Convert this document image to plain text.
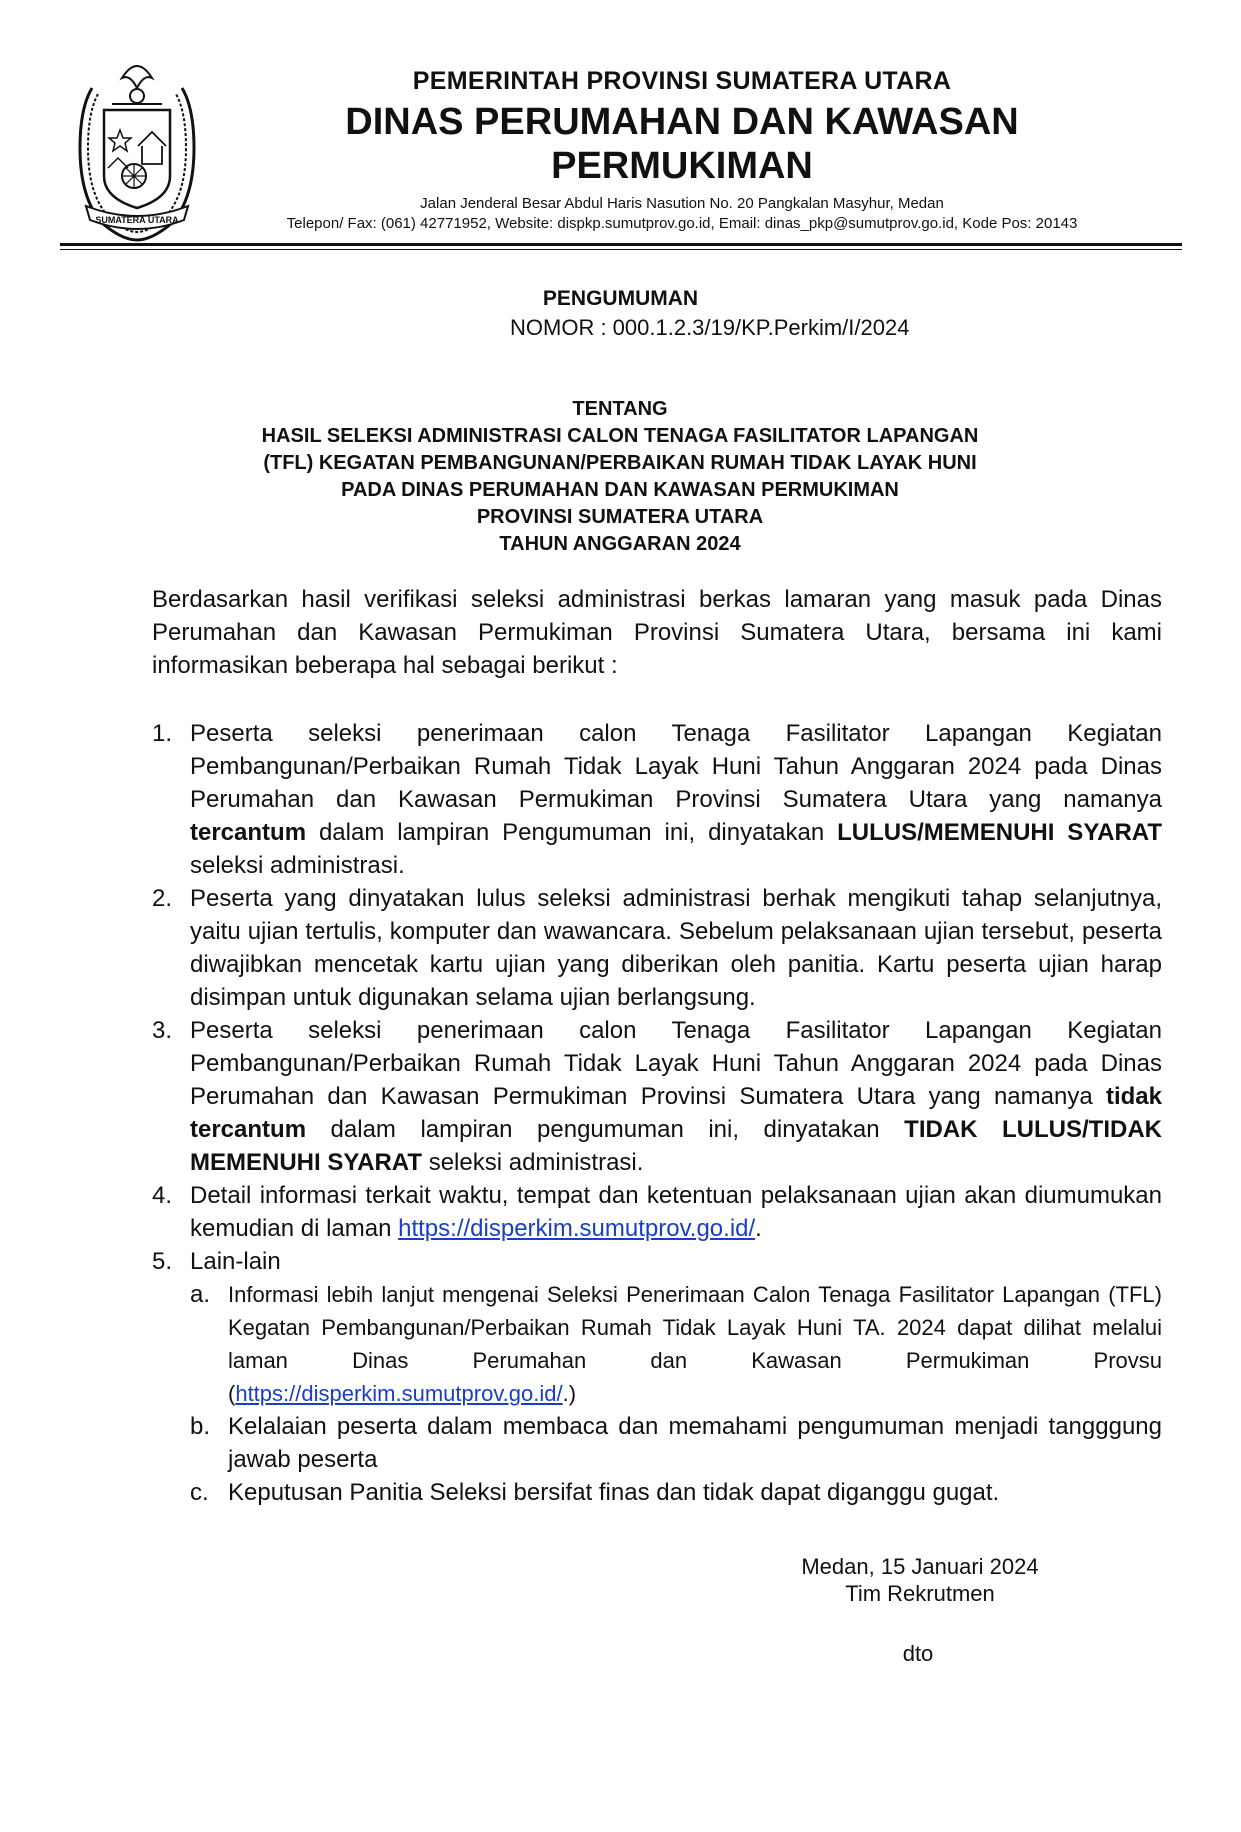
SUMATERA UTARA
PEMERINTAH PROVINSI SUMATERA UTARA
DINAS PERUMAHAN DAN KAWASAN
PERMUKIMAN
Jalan Jenderal Besar Abdul Haris Nasution No. 20 Pangkalan Masyhur, Medan
Telepon/ Fax: (061) 42771952, Website: dispkp.sumutprov.go.id, Email: dinas_pkp@sumutprov.go.id, Kode Pos: 20143
PENGUMUMAN
NOMOR : 000.1.2.3/19/KP.Perkim/I/2024
TENTANG
HASIL SELEKSI ADMINISTRASI CALON TENAGA FASILITATOR LAPANGAN
(TFL) KEGATAN PEMBANGUNAN/PERBAIKAN RUMAH TIDAK LAYAK HUNI
PADA DINAS PERUMAHAN DAN KAWASAN PERMUKIMAN
PROVINSI SUMATERA UTARA
TAHUN ANGGARAN 2024
Berdasarkan hasil verifikasi seleksi administrasi berkas lamaran yang masuk pada Dinas Perumahan dan Kawasan Permukiman Provinsi Sumatera Utara, bersama ini kami informasikan beberapa hal sebagai berikut :
1. Peserta seleksi penerimaan calon Tenaga Fasilitator Lapangan Kegiatan Pembangunan/Perbaikan Rumah Tidak Layak Huni Tahun Anggaran 2024 pada Dinas Perumahan dan Kawasan Permukiman Provinsi Sumatera Utara yang namanya tercantum dalam lampiran Pengumuman ini, dinyatakan LULUS/MEMENUHI SYARAT seleksi administrasi.
2. Peserta yang dinyatakan lulus seleksi administrasi berhak mengikuti tahap selanjutnya, yaitu ujian tertulis, komputer dan wawancara. Sebelum pelaksanaan ujian tersebut, peserta diwajibkan mencetak kartu ujian yang diberikan oleh panitia. Kartu peserta ujian harap disimpan untuk digunakan selama ujian berlangsung.
3. Peserta seleksi penerimaan calon Tenaga Fasilitator Lapangan Kegiatan Pembangunan/Perbaikan Rumah Tidak Layak Huni Tahun Anggaran 2024 pada Dinas Perumahan dan Kawasan Permukiman Provinsi Sumatera Utara yang namanya tidak tercantum dalam lampiran pengumuman ini, dinyatakan TIDAK LULUS/TIDAK MEMENUHI SYARAT seleksi administrasi.
4. Detail informasi terkait waktu, tempat dan ketentuan pelaksanaan ujian akan diumumukan kemudian di laman https://disperkim.sumutprov.go.id/.
5. Lain-lain
a. Informasi lebih lanjut mengenai Seleksi Penerimaan Calon Tenaga Fasilitator Lapangan (TFL) Kegatan Pembangunan/Perbaikan Rumah Tidak Layak Huni TA. 2024 dapat dilihat melalui laman Dinas Perumahan dan Kawasan Permukiman Provsu (https://disperkim.sumutprov.go.id/.)
b. Kelalaian peserta dalam membaca dan memahami pengumuman menjadi tangggung jawab peserta
c. Keputusan Panitia Seleksi bersifat finas dan tidak dapat diganggu gugat.
Medan, 15 Januari 2024
Tim Rekrutmen
dto
